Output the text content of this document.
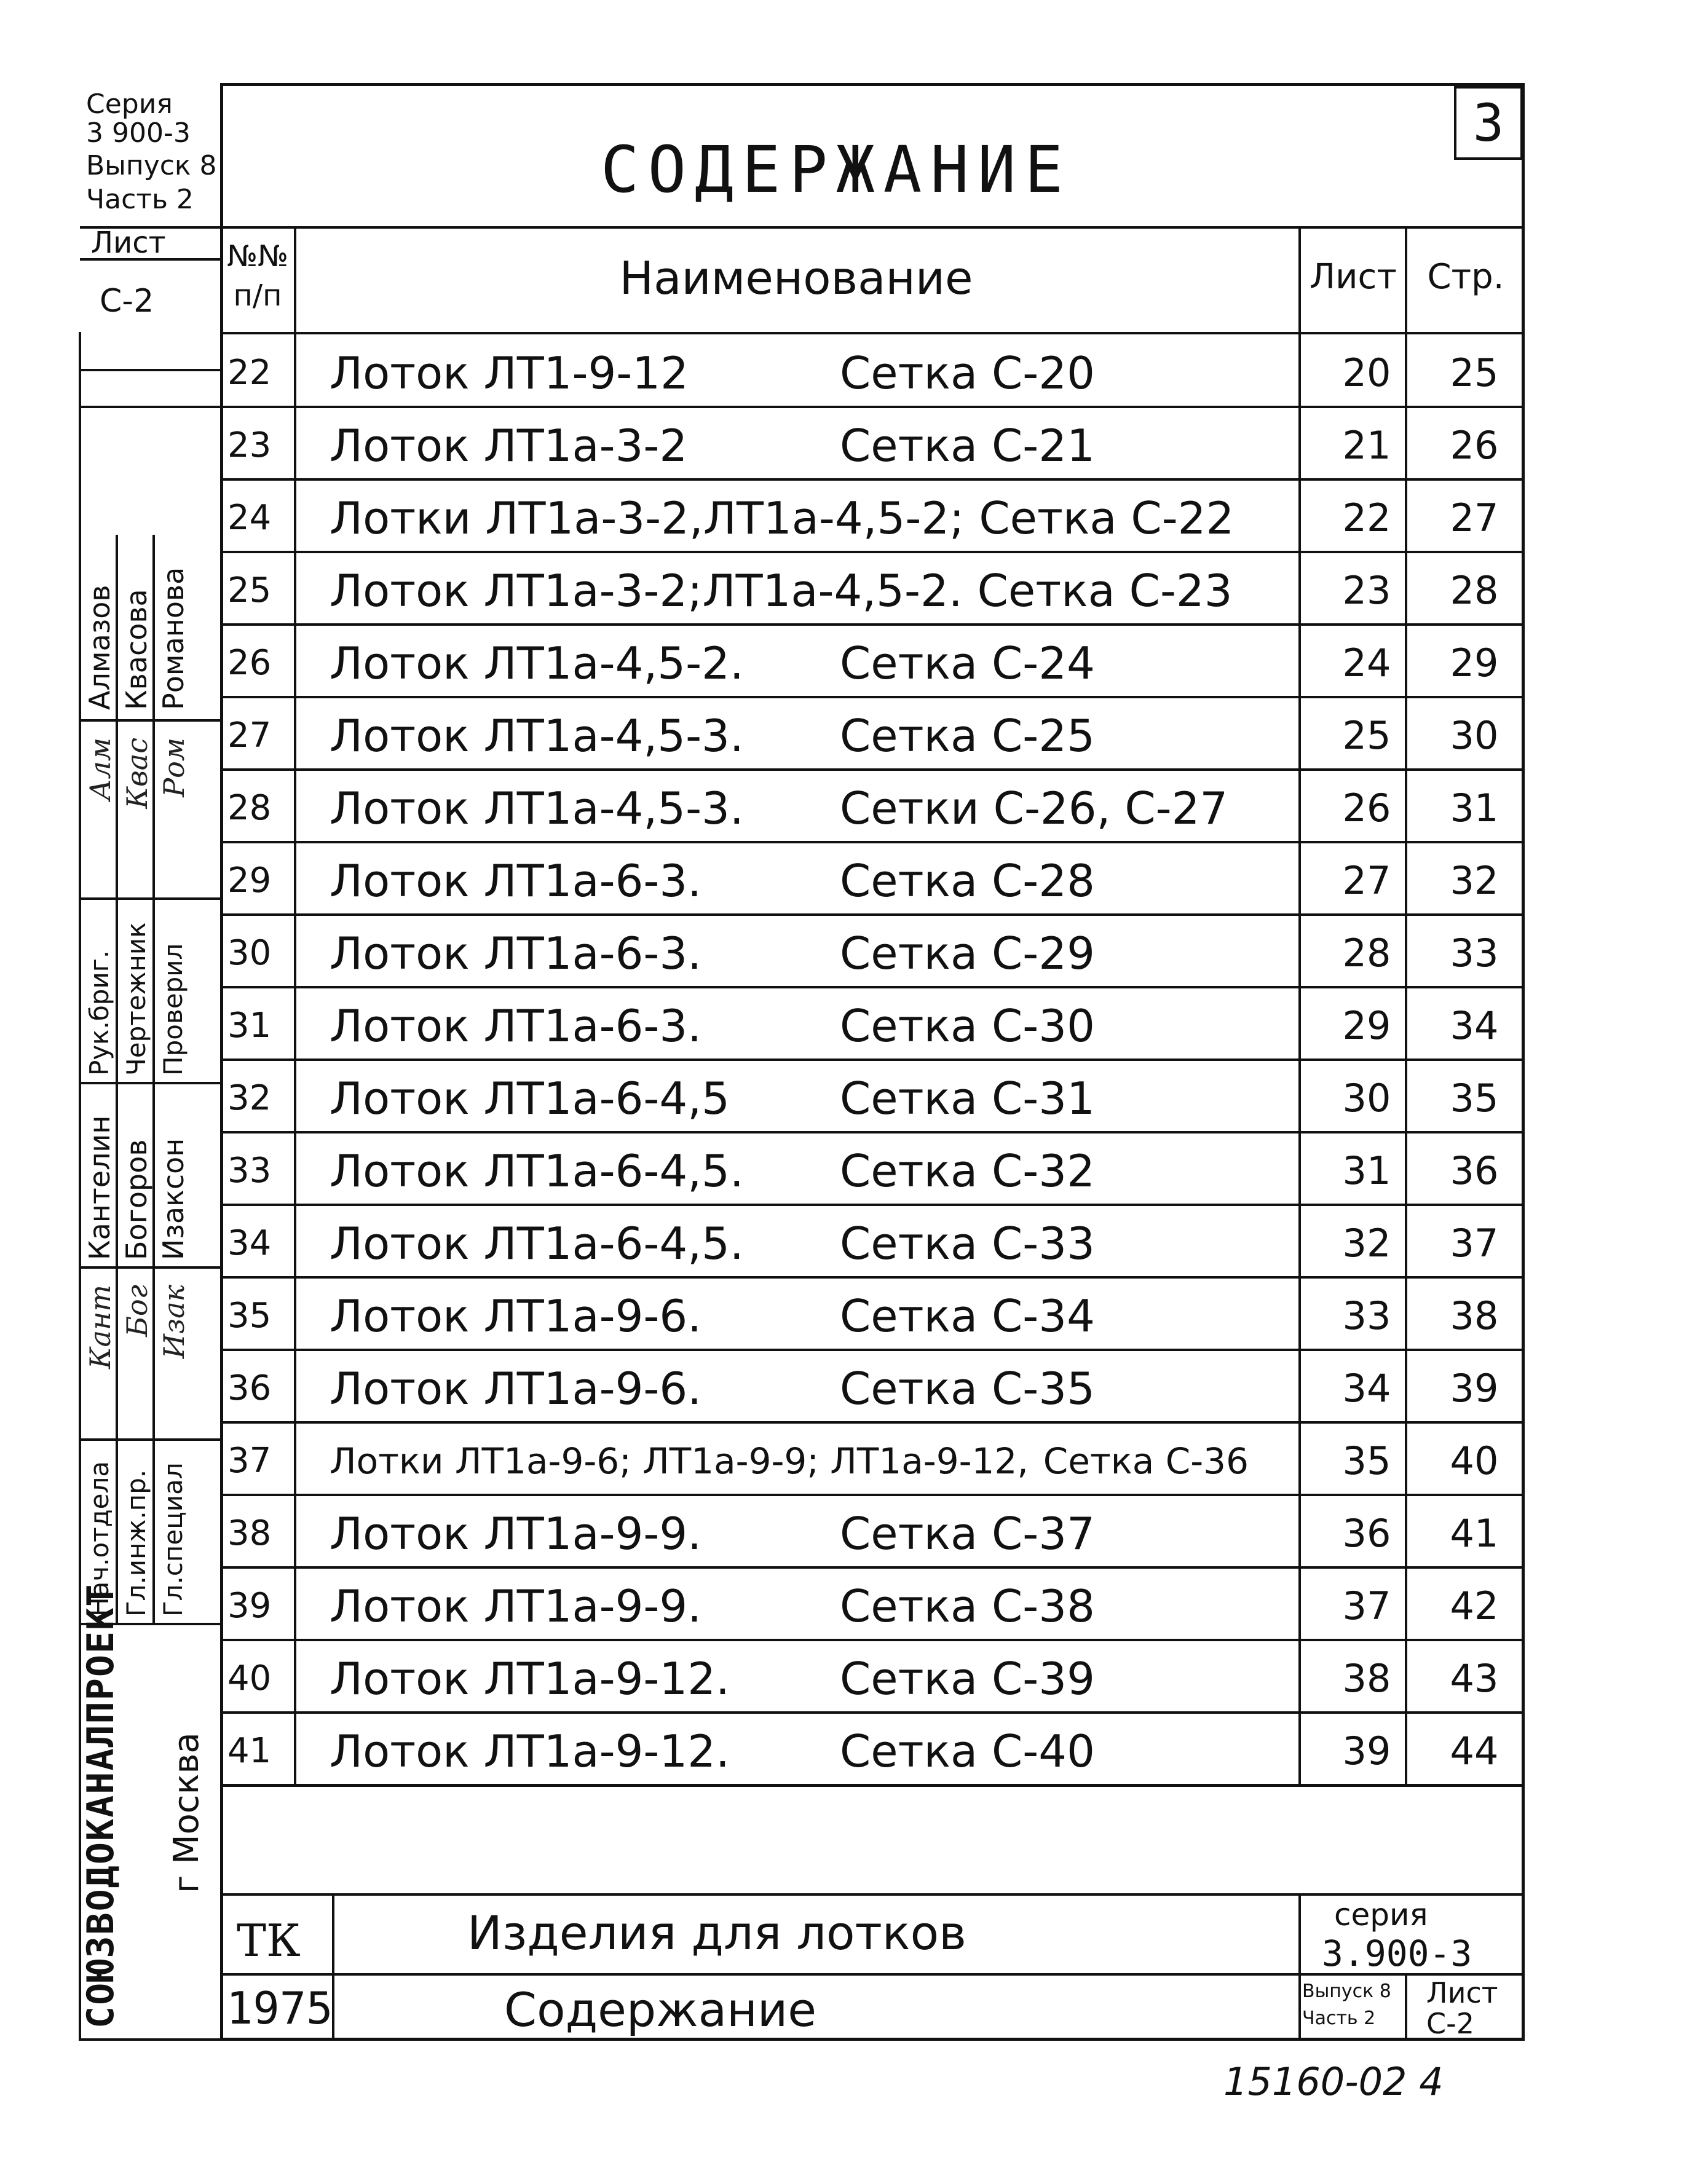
Серия
3 900-3
Выпуск 8
Часть 2
Лист
С-2
Алмазов Квасова Романова
Алм Квас Ром
Рук.бриг. Чертежник Проверил
Кантелин Богоров Изаксон
Кант Бог Изак
Нач.отдела Гл.инж.пр. Гл.специал
СОЮЗВОДОКАНАЛПРОЕКТ г Москва
3
СОДЕРЖАНИЕ
№№ п/п	Наименование	Лист Стр.
22	Лоток ЛТ1-9-12	Сетка С-20	20	25
23	Лоток ЛТ1а-3-2	Сетка С-21	21	26
24	Лотки ЛТ1а-3-2,ЛТ1а-4,5-2; Сетка С-22	22	27
25	Лоток ЛТ1а-3-2;ЛТ1а-4,5-2. Сетка С-23	23	28
26	Лоток ЛТ1а-4,5-2. Сетка С-24	24	29
27	Лоток ЛТ1а-4,5-3. Сетка С-25	25	30
28	Лоток ЛТ1а-4,5-3. Сетки С-26, С-27	26	31
29	Лоток ЛТ1а-6-3.	Сетка С-28	27	32
30	Лоток ЛТ1а-6-3.	Сетка С-29	28	33
31	Лоток ЛТ1а-6-3.	Сетка С-30	29	34
32	Лоток ЛТ1а-6-4,5 Сетка С-31	30	35
33	Лоток ЛТ1а-6-4,5. Сетка С-32	31	36
34	Лоток ЛТ1а-6-4,5. Сетка С-33	32	37
35	Лоток ЛТ1а-9-6.	Сетка С-34	33	38
36	Лоток ЛТ1а-9-6.	Сетка С-35	34	39
37	Лотки ЛТ1а-9-6; ЛТ1а-9-9; ЛТ1а-9-12, Сетка С-36	35	40
38	Лоток ЛТ1а-9-9.	Сетка С-37	36	41
39	Лоток ЛТ1а-9-9.	Сетка С-38	37	42
40	Лоток ЛТ1а-9-12. Сетка С-39	38	43
41	Лоток ЛТ1а-9-12. Сетка С-40	39	44
ТК
1975
Изделия для лотков
Содержание
серия
3.900-3
Выпуск 8 Часть 2
Лист
С-2
15160-02 4
